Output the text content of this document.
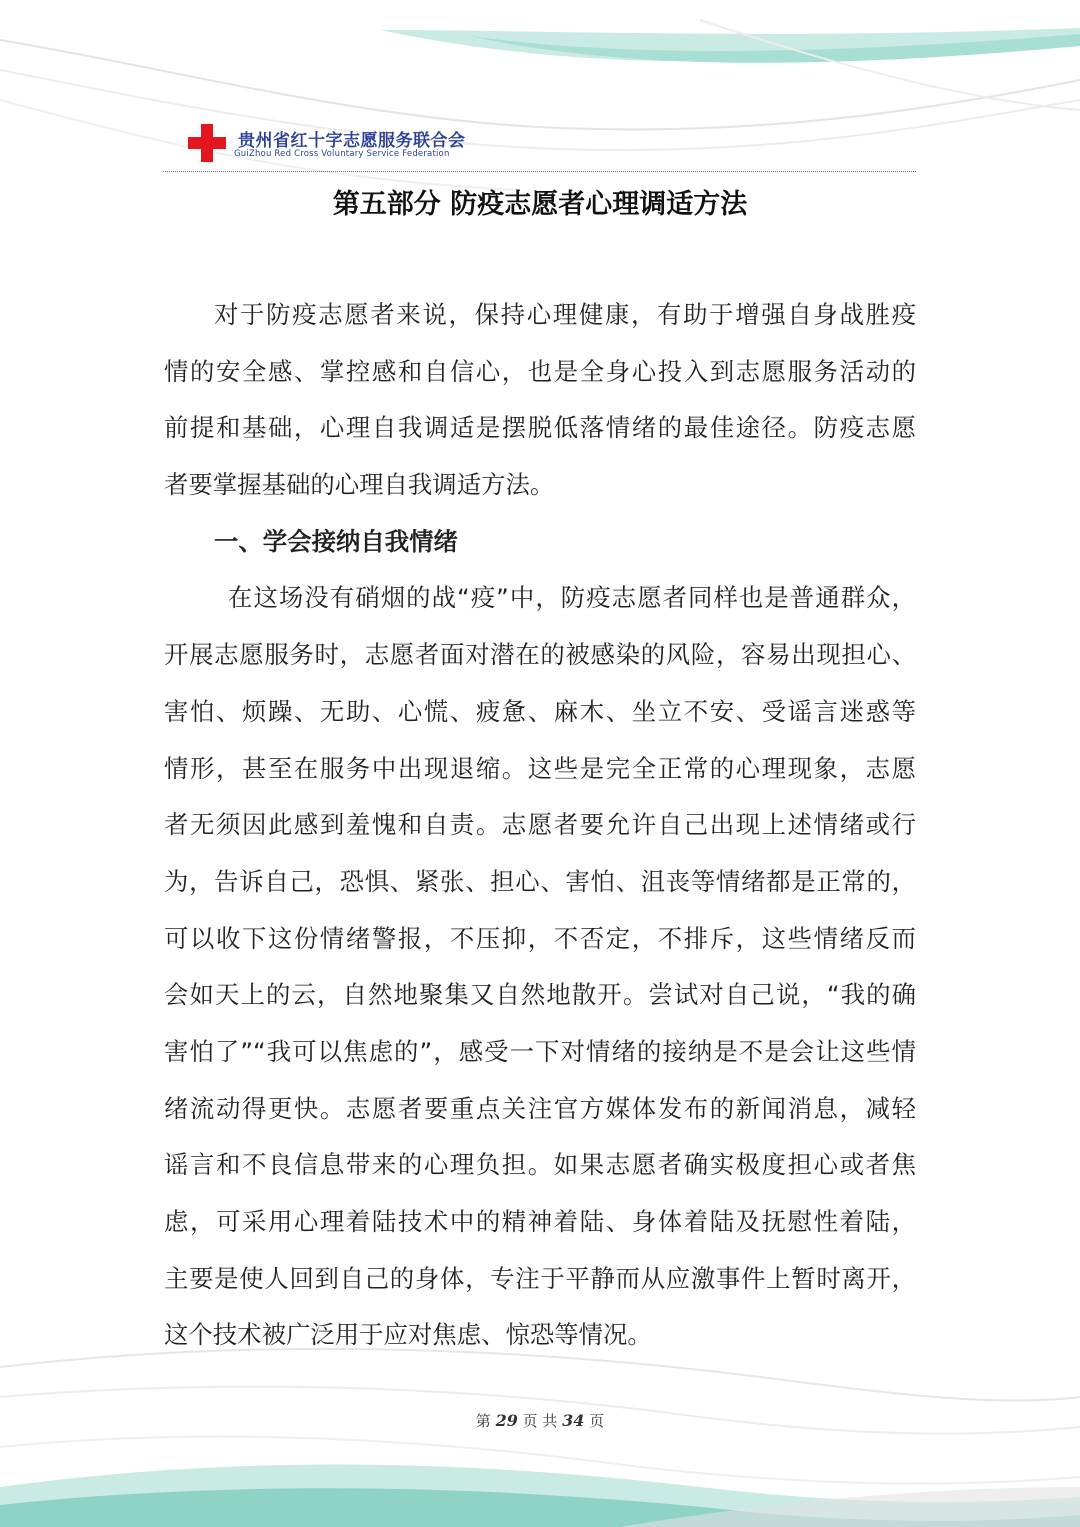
贵州省红十字志愿服务联合会
GuiZhou Red Cross Voluntary Service Federation
第五部分 防疫志愿者心理调适方法
对于防疫志愿者来说，保持心理健康，有助于增强自身战胜疫
情的安全感、掌控感和自信心，也是全身心投入到志愿服务活动的
前提和基础，心理自我调适是摆脱低落情绪的最佳途径。防疫志愿
者要掌握基础的心理自我调适方法。
一、学会接纳自我情绪
在这场没有硝烟的战“疫”中，防疫志愿者同样也是普通群众，
开展志愿服务时，志愿者面对潜在的被感染的风险，容易出现担心、
害怕、烦躁、无助、心慌、疲惫、麻木、坐立不安、受谣言迷惑等
情形，甚至在服务中出现退缩。这些是完全正常的心理现象，志愿
者无须因此感到羞愧和自责。志愿者要允许自己出现上述情绪或行
为，告诉自己，恐惧、紧张、担心、害怕、沮丧等情绪都是正常的，
可以收下这份情绪警报，不压抑，不否定，不排斥，这些情绪反而
会如天上的云，自然地聚集又自然地散开。尝试对自己说，“我的确
害怕了”“我可以焦虑的”，感受一下对情绪的接纳是不是会让这些情
绪流动得更快。志愿者要重点关注官方媒体发布的新闻消息，减轻
谣言和不良信息带来的心理负担。如果志愿者确实极度担心或者焦
虑，可采用心理着陆技术中的精神着陆、身体着陆及抚慰性着陆，
主要是使人回到自己的身体，专注于平静而从应激事件上暂时离开，
这个技术被广泛用于应对焦虑、惊恐等情况。
第 29 页 共 34 页
